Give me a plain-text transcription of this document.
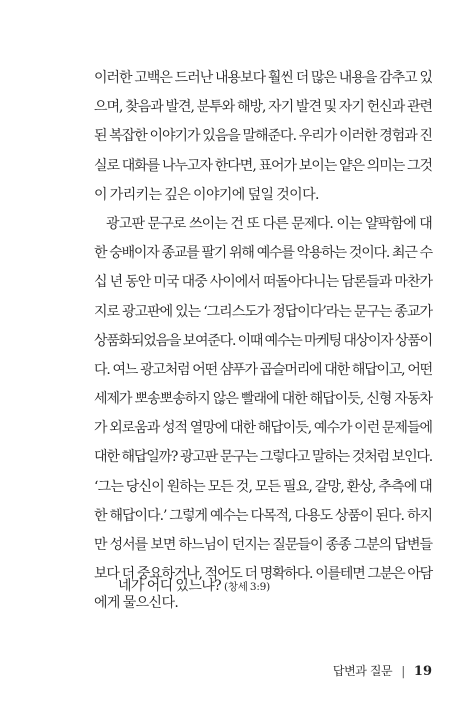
이러한 고백은 드러난 내용보다 훨씬 더 많은 내용을 감추고 있
으며, 찾음과 발견, 분투와 해방, 자기 발견 및 자기 헌신과 관련
된 복잡한 이야기가 있음을 말해준다. 우리가 이러한 경험과 진
실로 대화를 나누고자 한다면, 표어가 보이는 얕은 의미는 그것
이 가리키는 깊은 이야기에 덮일 것이다.
광고판 문구로 쓰이는 건 또 다른 문제다. 이는 얄팍함에 대
한 숭배이자 종교를 팔기 위해 예수를 악용하는 것이다. 최근 수
십 년 동안 미국 대중 사이에서 떠돌아다니는 담론들과 마찬가
지로 광고판에 있는 ‘그리스도가 정답이다’라는 문구는 종교가
상품화되었음을 보여준다. 이때 예수는 마케팅 대상이자 상품이
다. 여느 광고처럼 어떤 샴푸가 곱슬머리에 대한 해답이고, 어떤
세제가 뽀송뽀송하지 않은 빨래에 대한 해답이듯, 신형 자동차
가 외로움과 성적 열망에 대한 해답이듯, 예수가 이런 문제들에
대한 해답일까? 광고판 문구는 그렇다고 말하는 것처럼 보인다.
‘그는 당신이 원하는 모든 것, 모든 필요, 갈망, 환상, 추측에 대
한 해답이다.’ 그렇게 예수는 다목적, 다용도 상품이 된다. 하지
만 성서를 보면 하느님이 던지는 질문들이 종종 그분의 답변들
보다 더 중요하거나, 적어도 더 명확하다. 이를테면 그분은 아담
에게 물으신다.
네가 어디 있느냐? (창세 3:9)
답변과 질문 | 19
